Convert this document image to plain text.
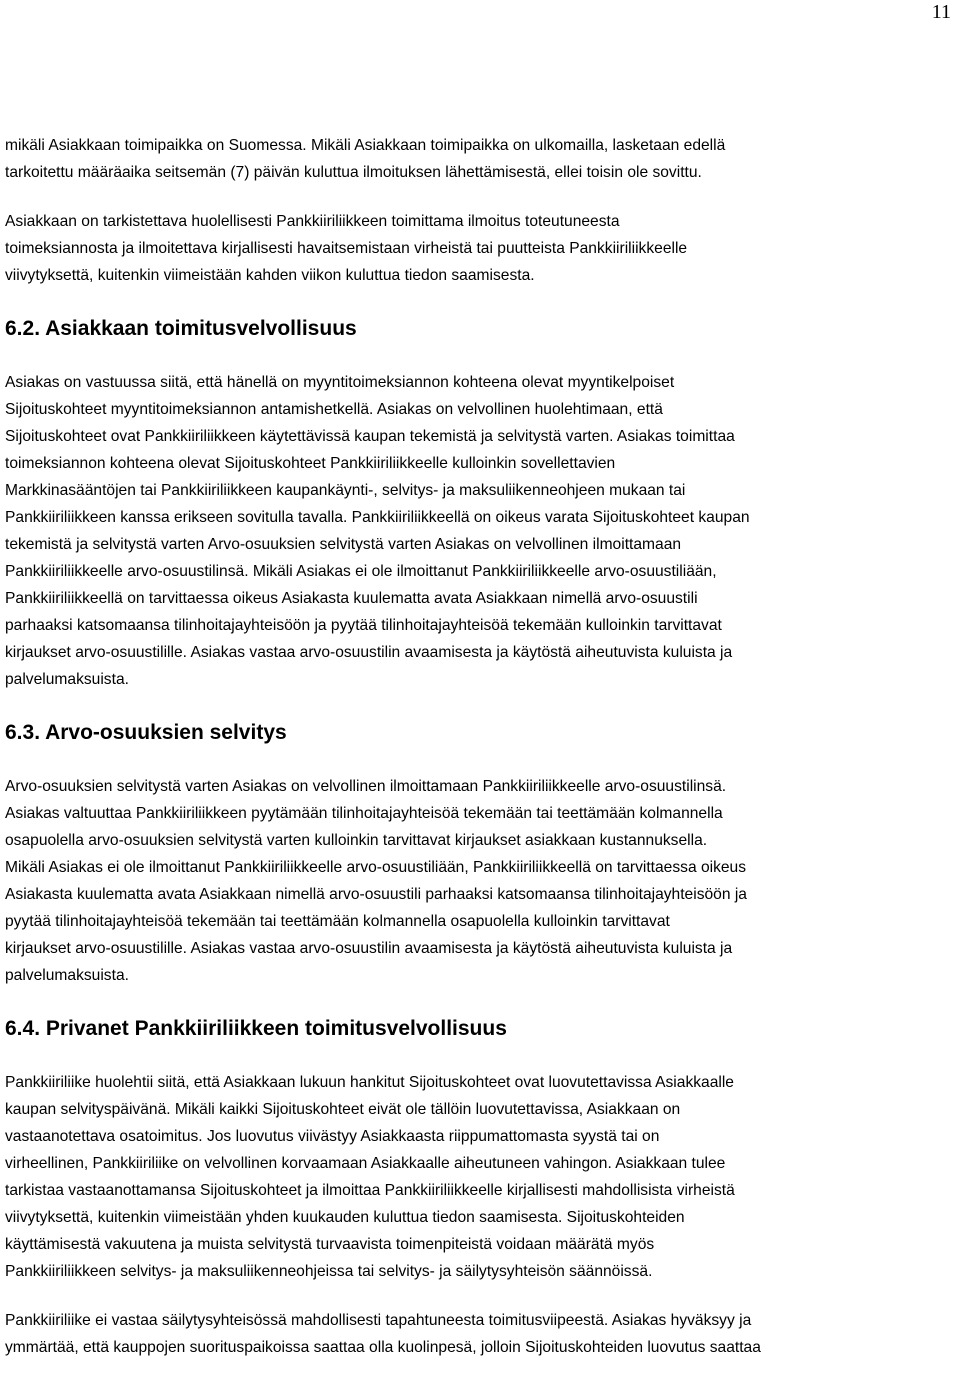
11
mikäli Asiakkaan toimipaikka on Suomessa. Mikäli Asiakkaan toimipaikka on ulkomailla, lasketaan edellä
tarkoitettu määräaika seitsemän (7) päivän kuluttua ilmoituksen lähettämisestä, ellei toisin ole sovittu.
Asiakkaan on tarkistettava huolellisesti Pankkiiriliikkeen toimittama ilmoitus toteutuneesta
toimeksiannosta ja ilmoitettava kirjallisesti havaitsemistaan virheistä tai puutteista Pankkiiriliikkeelle
viivytyksettä, kuitenkin viimeistään kahden viikon kuluttua tiedon saamisesta.
6.2. Asiakkaan toimitusvelvollisuus
Asiakas on vastuussa siitä, että hänellä on myyntitoimeksiannon kohteena olevat myyntikelpoiset
Sijoituskohteet myyntitoimeksiannon antamishetkellä. Asiakas on velvollinen huolehtimaan, että
Sijoituskohteet ovat Pankkiiriliikkeen käytettävissä kaupan tekemistä ja selvitystä varten. Asiakas toimittaa
toimeksiannon kohteena olevat Sijoituskohteet Pankkiiriliikkeelle kulloinkin sovellettavien
Markkinasääntöjen tai Pankkiiriliikkeen kaupankäynti-, selvitys- ja maksuliikenneohjeen mukaan tai
Pankkiiriliikkeen kanssa erikseen sovitulla tavalla. Pankkiiriliikkeellä on oikeus varata Sijoituskohteet kaupan
tekemistä ja selvitystä varten Arvo-osuuksien selvitystä varten Asiakas on velvollinen ilmoittamaan
Pankkiiriliikkeelle arvo-osuustilinsä. Mikäli Asiakas ei ole ilmoittanut Pankkiiriliikkeelle arvo-osuustiliään,
Pankkiiriliikkeellä on tarvittaessa oikeus Asiakasta kuulematta avata Asiakkaan nimellä arvo-osuustili
parhaaksi katsomaansa tilinhoitajayhteisöön ja pyytää tilinhoitajayhteisöä tekemään kulloinkin tarvittavat
kirjaukset arvo-osuustilille. Asiakas vastaa arvo-osuustilin avaamisesta ja käytöstä aiheutuvista kuluista ja
palvelumaksuista.
6.3. Arvo-osuuksien selvitys
Arvo-osuuksien selvitystä varten Asiakas on velvollinen ilmoittamaan Pankkiiriliikkeelle arvo-osuustilinsä.
Asiakas valtuuttaa Pankkiiriliikkeen pyytämään tilinhoitajayhteisöä tekemään tai teettämään kolmannella
osapuolella arvo-osuuksien selvitystä varten kulloinkin tarvittavat kirjaukset asiakkaan kustannuksella.
Mikäli Asiakas ei ole ilmoittanut Pankkiiriliikkeelle arvo-osuustiliään, Pankkiiriliikkeellä on tarvittaessa oikeus
Asiakasta kuulematta avata Asiakkaan nimellä arvo-osuustili parhaaksi katsomaansa tilinhoitajayhteisöön ja
pyytää tilinhoitajayhteisöä tekemään tai teettämään kolmannella osapuolella kulloinkin tarvittavat
kirjaukset arvo-osuustilille. Asiakas vastaa arvo-osuustilin avaamisesta ja käytöstä aiheutuvista kuluista ja
palvelumaksuista.
6.4. Privanet Pankkiiriliikkeen toimitusvelvollisuus
Pankkiiriliike huolehtii siitä, että Asiakkaan lukuun hankitut Sijoituskohteet ovat luovutettavissa Asiakkaalle
kaupan selvityspäivänä. Mikäli kaikki Sijoituskohteet eivät ole tällöin luovutettavissa, Asiakkaan on
vastaanotettava osatoimitus. Jos luovutus viivästyy Asiakkaasta riippumattomasta syystä tai on
virheellinen, Pankkiiriliike on velvollinen korvaamaan Asiakkaalle aiheutuneen vahingon. Asiakkaan tulee
tarkistaa vastaanottamansa Sijoituskohteet ja ilmoittaa Pankkiiriliikkeelle kirjallisesti mahdollisista virheistä
viivytyksettä, kuitenkin viimeistään yhden kuukauden kuluttua tiedon saamisesta. Sijoituskohteiden
käyttämisestä vakuutena ja muista selvitystä turvaavista toimenpiteistä voidaan määrätä myös
Pankkiiriliikkeen selvitys- ja maksuliikenneohjeissa tai selvitys- ja säilytysyhteisön säännöissä.
Pankkiiriliike ei vastaa säilytysyhteisössä mahdollisesti tapahtuneesta toimitusviipeestä. Asiakas hyväksyy ja
ymmärtää, että kauppojen suorituspaikoissa saattaa olla kuolinpesä, jolloin Sijoituskohteiden luovutus saattaa
